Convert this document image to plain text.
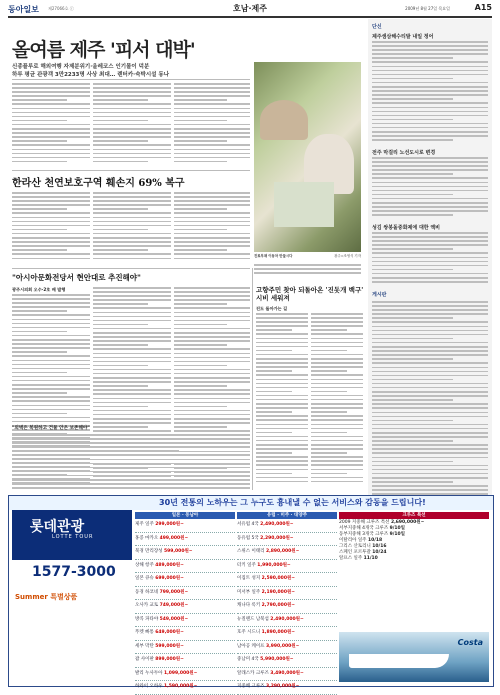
동아일보 제27066호 ⓒ	호남·제주	2009년 8월 27일 목요일	A15
올여름 제주 '피서 대박'
신종플루로 해외여행 자제분위기·올레코스 인기몰이 덕분
하루 평균 관광객 3만2233명 사상 최대… 렌터카·숙박시설 동나
한라산 천연보호구역 훼손지 69% 복구
진료부채 이동차 만들시다	광주=조영식 기자
"아시아문화전당서 현안대로 추진해야"
광주시의회 오수·2호 배 발행
"외벽은 복원하고 건물 안은 보존해야"
고향주민 찾아 되돌아온 '진돗개 백구' 시비 세워져
진도 돌아가는 길
단신
제주샘삼해수티발 내일 정어
전주 막걸리 노선도시로 변경
성김 쌍봉돌중화제에 대한 액비
게시판
30년 전통의 노하우는 그 누구도 흉내낼 수 없는 서비스와 감동을 드립니다!
롯데관광
LOTTE TOUR
1577-3000
Summer 특별상품
일본 · 동남아
제주 일주 299,000원~
홍콩 마카오 499,000원~
북경 만리장성 599,000원~
상해 항주 489,000원~
일본 큐슈 699,000원~
동경 하코네 799,000원~
오사카 교토 749,000원~
방콕 파타야 549,000원~
푸켓 빠통 649,000원~
세부 막탄 599,000원~
괌 사이판 899,000원~
발리 누사두아 1,099,000원~
하와이 오하우 1,590,000원~
유럽 · 미주 · 대양주
서유럽 4국 2,490,000원~
동유럽 5국 2,290,000원~
스위스 이태리 2,890,000원~
터키 일주 1,990,000원~
이집트 성지 2,590,000원~
미서부 일주 2,190,000원~
캐나다 록키 2,790,000원~
뉴질랜드 남북섬 2,490,000원~
호주 시드니 1,890,000원~
남아공 케이프 3,990,000원~
중남미 4국 5,990,000원~
알래스카 크루즈 3,490,000원~
지중해 크루즈 3,290,000원~
크루즈 특선
2009 지중해 크루즈 특선 2,690,000원~
서부지중해 4개국 크루즈 9/10일
동부지중해 3개국 크루즈 9/10일
이탈리아 일주 10/18
그리스 산토리니 10/16
스페인 포르투갈 10/24
알프스 일주 11/10
Costa
